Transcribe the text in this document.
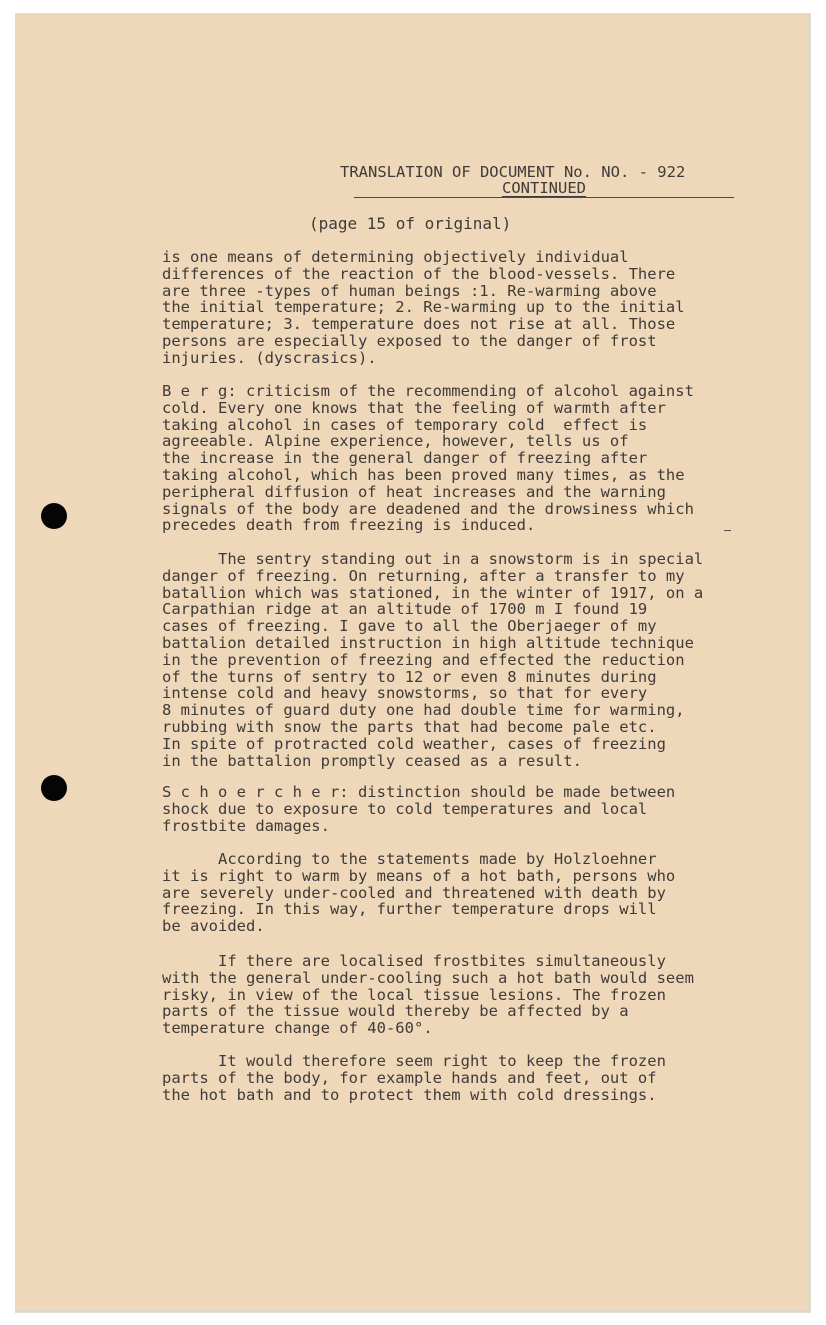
TRANSLATION OF DOCUMENT No. NO. - 922
CONTINUED
(page 15 of original)
is one means of determining objectively individual
differences of the reaction of the blood-vessels. There
are three -types of human beings :1. Re-warming above
the initial temperature; 2. Re-warming up to the initial
temperature; 3. temperature does not rise at all. Those
persons are especially exposed to the danger of frost
injuries. (dyscrasics).
B e r g: criticism of the recommending of alcohol against
cold. Every one knows that the feeling of warmth after
taking alcohol in cases of temporary cold  effect is
agreeable. Alpine experience, however, tells us of
the increase in the general danger of freezing after
taking alcohol, which has been proved many times, as the
peripheral diffusion of heat increases and the warning
signals of the body are deadened and the drowsiness which
precedes death from freezing is induced.
The sentry standing out in a snowstorm is in special
danger of freezing. On returning, after a transfer to my
batallion which was stationed, in the winter of 1917, on a
Carpathian ridge at an altitude of 1700 m I found 19
cases of freezing. I gave to all the Oberjaeger of my
battalion detailed instruction in high altitude technique
in the prevention of freezing and effected the reduction
of the turns of sentry to 12 or even 8 minutes during
intense cold and heavy snowstorms, so that for every
8 minutes of guard duty one had double time for warming,
rubbing with snow the parts that had become pale etc.
In spite of protracted cold weather, cases of freezing
in the battalion promptly ceased as a result.
S c h o e r c h e r: distinction should be made between
shock due to exposure to cold temperatures and local
frostbite damages.
According to the statements made by Holzloehner
it is right to warm by means of a hot bath, persons who
are severely under-cooled and threatened with death by
freezing. In this way, further temperature drops will
be avoided.
If there are localised frostbites simultaneously
with the general under-cooling such a hot bath would seem
risky, in view of the local tissue lesions. The frozen
parts of the tissue would thereby be affected by a
temperature change of 40-60°.
It would therefore seem right to keep the frozen
parts of the body, for example hands and feet, out of
the hot bath and to protect them with cold dressings.
